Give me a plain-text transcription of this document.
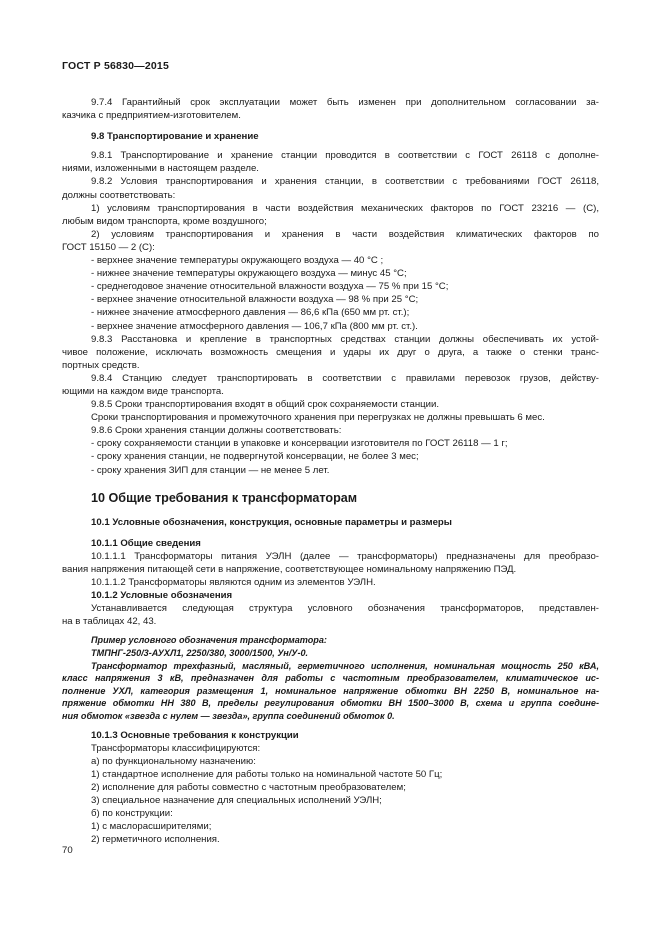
ГОСТ Р 56830—2015

9.7.4 Гарантийный срок эксплуатации может быть изменен при дополнительном согласовании за-

казчика с предприятием-изготовителем.

9.8 Транспортирование и хранение

9.8.1 Транспортирование и хранение станции проводится в соответствии с ГОСТ 26118 с дополне-

ниями, изложенными в настоящем разделе.

9.8.2 Условия транспортирования и хранения станции, в соответствии с требованиями ГОСТ 26118,

должны соответствовать:

1) условиям транспортирования в части воздействия механических факторов по ГОСТ 23216 — (С),

любым видом транспорта, кроме воздушного;

2) условиям транспортирования и хранения в части воздействия климатических факторов по

ГОСТ 15150 — 2 (С):

- верхнее значение температуры окружающего воздуха — 40 °С ;

- нижнее значение температуры окружающего воздуха — минус 45 °С;

- среднегодовое значение относительной влажности воздуха — 75 % при 15 °С;

- верхнее значение относительной влажности воздуха — 98 % при 25 °С;

- нижнее значение атмосферного давления — 86,6 кПа (650 мм рт. ст.);

- верхнее значение атмосферного давления — 106,7 кПа (800 мм рт. ст.).

9.8.3 Расстановка и крепление в транспортных средствах станции должны обеспечивать их устой-

чивое положение, исключать возможность смещения и удары их друг о друга, а также о стенки транс-

портных средств.

9.8.4 Станцию следует транспортировать в соответствии с правилами перевозок грузов, действу-

ющими на каждом виде транспорта.

9.8.5 Сроки транспортирования входят в общий срок сохраняемости станции.

Сроки транспортирования и промежуточного хранения при перегрузках не должны превышать 6 мес.

9.8.6 Сроки хранения станции должны соответствовать:

- сроку сохраняемости станции в упаковке и консервации изготовителя по ГОСТ 26118 — 1 г;

- сроку хранения станции, не подвергнутой консервации, не более 3 мес;

- сроку хранения ЗИП для станции — не менее 5 лет.

10 Общие требования к трансформаторам

10.1 Условные обозначения, конструкция, основные параметры и размеры

10.1.1 Общие сведения

10.1.1.1 Трансформаторы питания УЭЛН (далее — трансформаторы) предназначены для преобразо-

вания напряжения питающей сети в напряжение, соответствующее номинальному напряжению ПЭД.

10.1.1.2 Трансформаторы являются одним из элементов УЭЛН.

10.1.2 Условные обозначения

Устанавливается следующая структура условного обозначения трансформаторов, представлен-

на в таблицах 42, 43.

Пример условного обозначения трансформатора:

ТМПНГ-250/3-АУХЛ1, 2250/380, 3000/1500, Ун/У-0.

Трансформатор трехфазный, масляный, герметичного исполнения, номинальная мощность 250 кВА,

класс напряжения 3 кВ, предназначен для работы с частотным преобразователем, климатическое ис-

полнение УХЛ, категория размещения 1, номинальное напряжение обмотки ВН 2250 В, номинальное на-

пряжение обмотки НН 380 В, пределы регулирования обмотки ВН 1500–3000 В, схема и группа соедине-

ния обмоток «звезда с нулем — звезда», группа соединений обмоток 0.

10.1.3 Основные требования к конструкции

Трансформаторы классифицируются:

а) по функциональному назначению:

1) стандартное исполнение для работы только на номинальной частоте 50 Гц;

2) исполнение для работы совместно с частотным преобразователем;

3) специальное назначение для специальных исполнений УЭЛН;

б) по конструкции:

1) с маслорасширителями;

2) герметичного исполнения.

70
